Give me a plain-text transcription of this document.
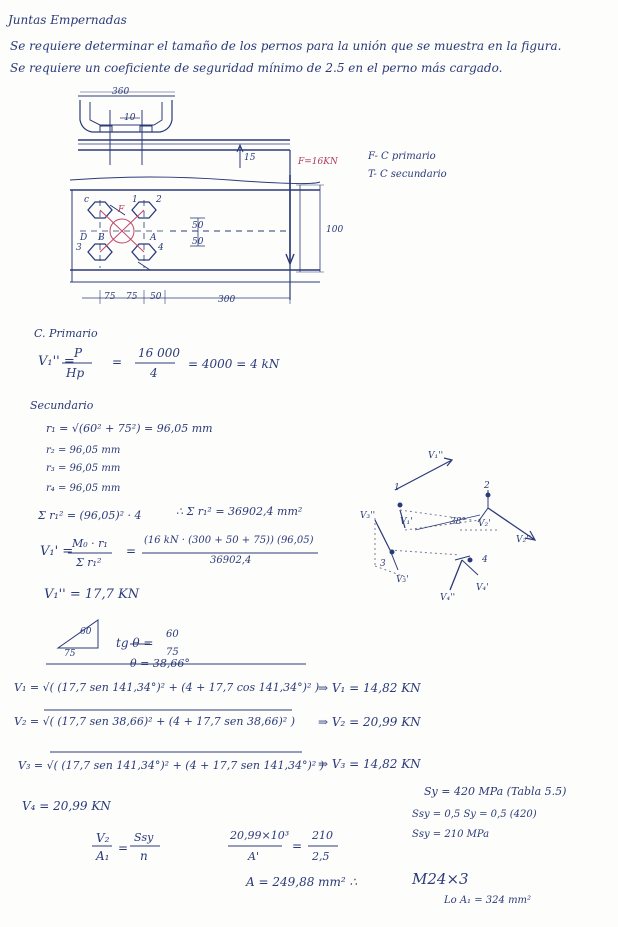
Juntas Empernadas
Se requiere determinar el tamaño de los pernos para la unión que se muestra en la figura.
Se requiere un coeficiente de seguridad mínimo de 2.5 en el perno más cargado.
360
10
15	F=16KN
50
50
100
75 75 50	300
c
D
3
1 2
4
A
B
F
F- C primario
T- C secundario
C. Primario
V₁'' =
P
Hp
=
16 000
4
= 4000 = 4 kN
Secundario
r₁ = √(60² + 75²) = 96,05 mm
r₂ = 96,05 mm
r₃ = 96,05 mm
r₄ = 96,05 mm
Σ r₁² = (96,05)² · 4	∴ Σ r₁² = 36902,4 mm²
V₁' =
M₀ · r₁
Σ r₁²
=
(16 kN · (300 + 50 + 75)) (96,05)
36902,4
V₁'' = 17,7 KN
V₁''
V₁'
1	2
V₂'
V₂''
3
V₃'
V₃''
4
V₄'
V₄''
38°
60
75
tg θ =
60
75
θ = 38,66°
V₁ = √( (17,7 sen 141,34°)² + (4 + 17,7 cos 141,34°)² )
⇒ V₁ = 14,82 KN
V₂ = √( (17,7 sen 38,66)² + (4 + 17,7 sen 38,66)² ) ⇒ V₂ = 20,99 KN
V₃ = √( (17,7 sen 141,34°)² + (4 + 17,7 sen 141,34°)² )
⇒ V₃ = 14,82 KN
V₄ = 20,99 KN
Sy = 420 MPa (Tabla 5.5)
Ssy = 0,5 Sy = 0,5 (420)
Ssy = 210 MPa
V₂
A₁
=
Ssy
n
20,99×10³
A'
=
210
2,5
A = 249,88 mm² ∴	M24×3
Lo A₁ = 324 mm²
